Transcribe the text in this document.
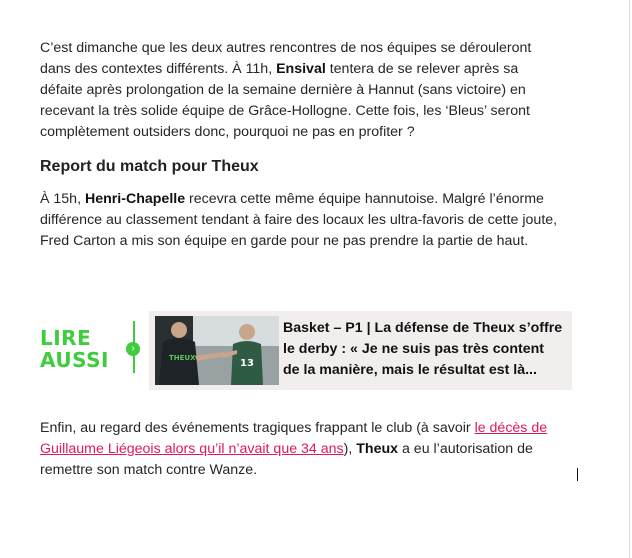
C’est dimanche que les deux autres rencontres de nos équipes se dérouleront dans des contextes différents. À 11h, Ensival tentera de se relever après sa défaite après prolongation de la semaine dernière à Hannut (sans victoire) en recevant la très solide équipe de Grâce-Hollogne. Cette fois, les ‘Bleus’ seront complètement outsiders donc, pourquoi ne pas en profiter ?

Report du match pour Theux

À 15h, Henri-Chapelle recevra cette même équipe hannutoise. Malgré l’énorme différence au classement tendant à faire des locaux les ultra-favoris de cette joute, Fred Carton a mis son équipe en garde pour ne pas prendre la partie de haut.

Enfin, au regard des événements tragiques frappant le club (à savoir le décès de Guillaume Liégeois alors qu’il n’avait que 34 ans), Theux a eu l’autorisation de remettre son match contre Wanze.

LIRE
AUSSI	›
THEUX	13
Basket – P1 | La défense de Theux s’offre le derby : « Je ne suis pas très content de la manière, mais le résultat est là...
